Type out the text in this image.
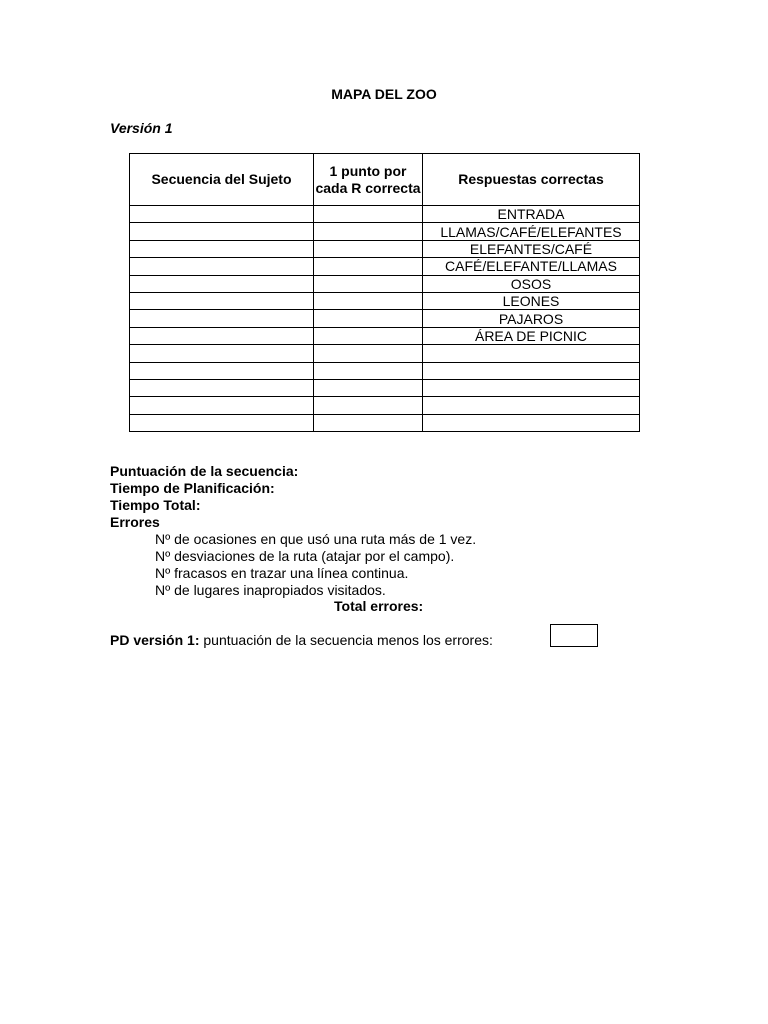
MAPA DEL ZOO
Versión 1
Secuencia del Sujeto	1 punto por cada R correcta	Respuestas correctas
		ENTRADA
		LLAMAS/CAFÉ/ELEFANTES
		ELEFANTES/CAFÉ
		CAFÉ/ELEFANTE/LLAMAS
		OSOS
		LEONES
		PAJAROS
		ÁREA DE PICNIC

Puntuación de la secuencia:
Tiempo de Planificación:
Tiempo Total:
Errores
Nº de ocasiones en que usó una ruta más de 1 vez.
Nº desviaciones de la ruta (atajar por el campo).
Nº fracasos en trazar una línea continua.
Nº de lugares inapropiados visitados.
Total errores:
PD versión 1: puntuación de la secuencia menos los errores:
